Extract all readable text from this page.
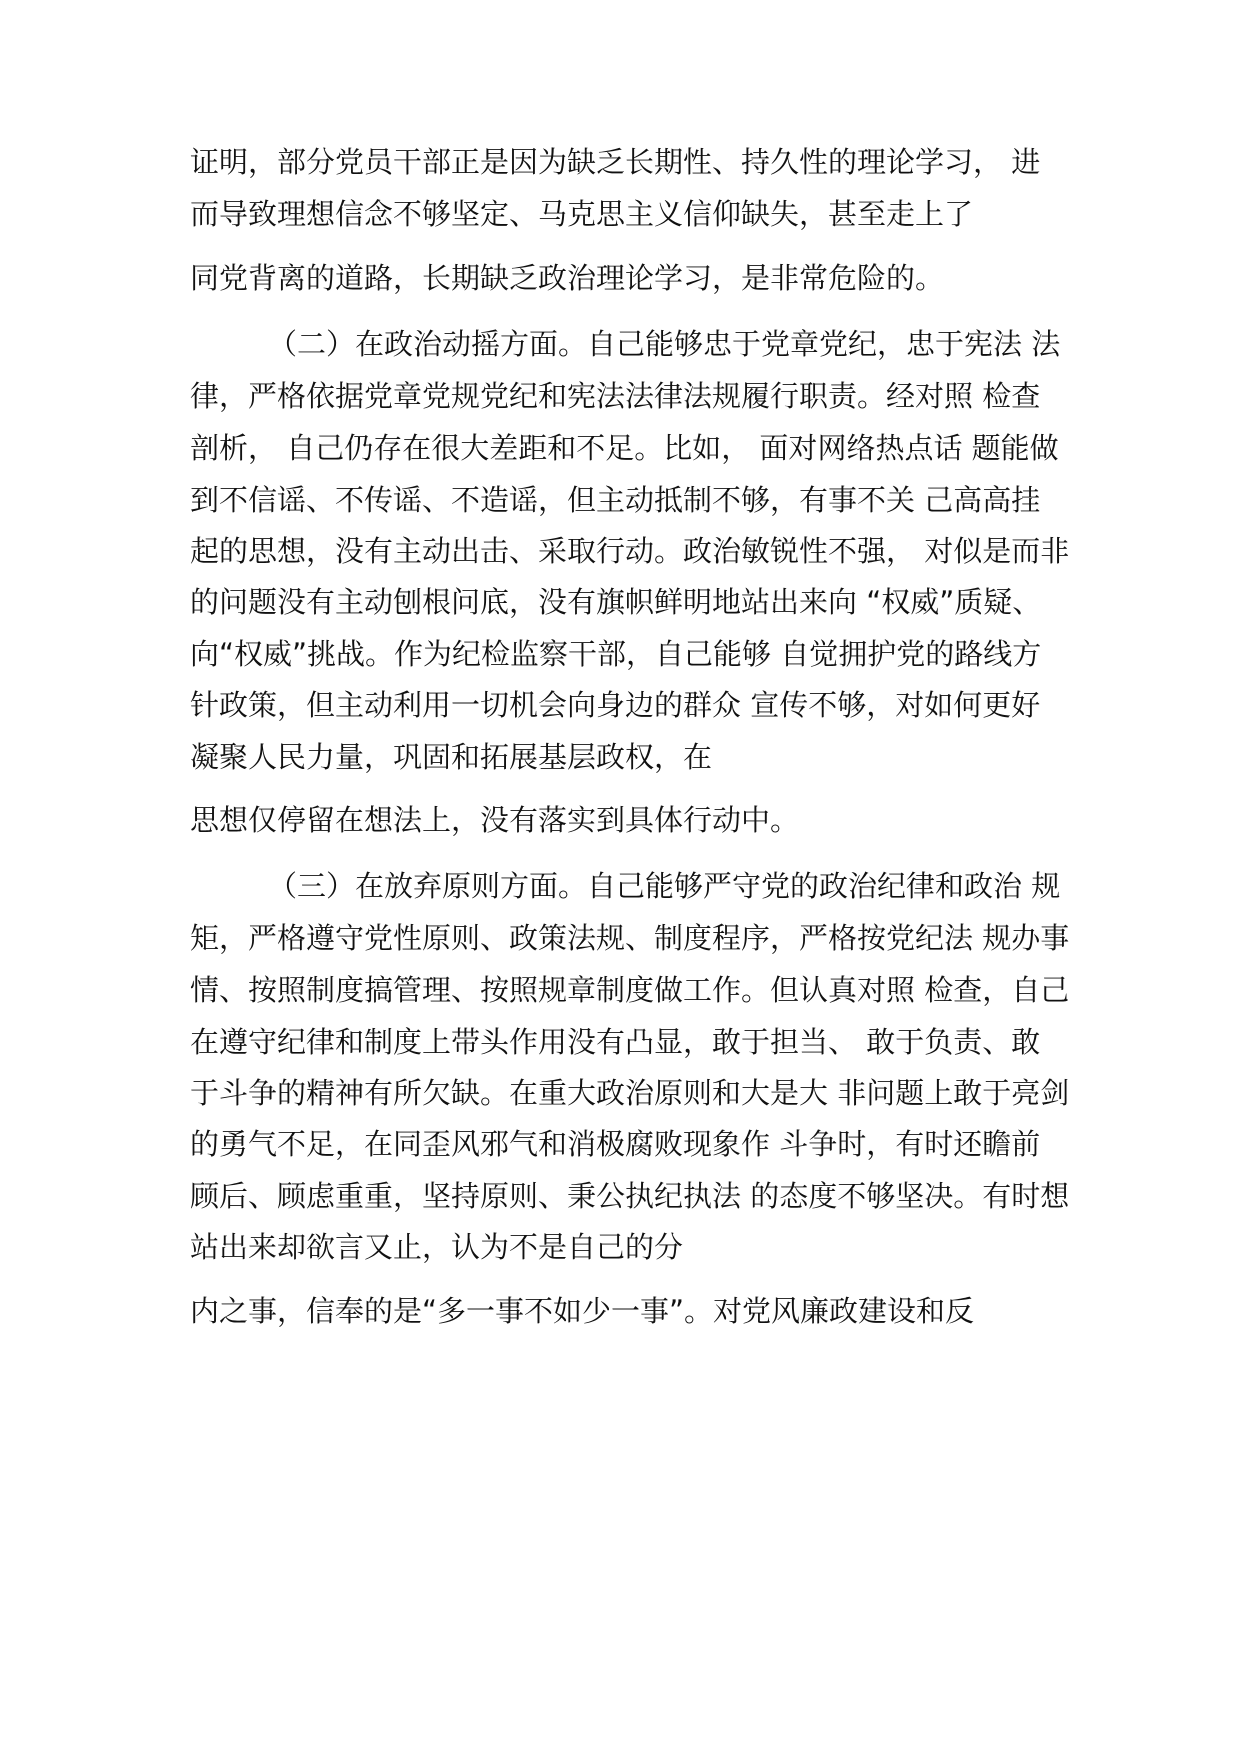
证明，部分党员干部正是因为缺乏长期性、持久性的理论学习， 进
而导致理想信念不够坚定、马克思主义信仰缺失，甚至走上了
同党背离的道路，长期缺乏政治理论学习，是非常危险的。
（二）在政治动摇方面。自己能够忠于党章党纪，忠于宪法 法
律，严格依据党章党规党纪和宪法法律法规履行职责。经对照 检查
剖析， 自己仍存在很大差距和不足。比如， 面对网络热点话 题能做
到不信谣、不传谣、不造谣，但主动抵制不够，有事不关 己高高挂
起的思想，没有主动出击、采取行动。政治敏锐性不强， 对似是而非
的问题没有主动刨根问底，没有旗帜鲜明地站出来向 “权威”质疑、
向“权威”挑战。作为纪检监察干部，自己能够 自觉拥护党的路线方
针政策，但主动利用一切机会向身边的群众 宣传不够，对如何更好
凝聚人民力量，巩固和拓展基层政权，在
思想仅停留在想法上，没有落实到具体行动中。
（三）在放弃原则方面。自己能够严守党的政治纪律和政治 规
矩，严格遵守党性原则、政策法规、制度程序，严格按党纪法 规办事
情、按照制度搞管理、按照规章制度做工作。但认真对照 检查，自己
在遵守纪律和制度上带头作用没有凸显，敢于担当、 敢于负责、敢
于斗争的精神有所欠缺。在重大政治原则和大是大 非问题上敢于亮剑
的勇气不足，在同歪风邪气和消极腐败现象作 斗争时，有时还瞻前
顾后、顾虑重重，坚持原则、秉公执纪执法 的态度不够坚决。有时想
站出来却欲言又止，认为不是自己的分
内之事，信奉的是“多一事不如少一事”。对党风廉政建设和反
